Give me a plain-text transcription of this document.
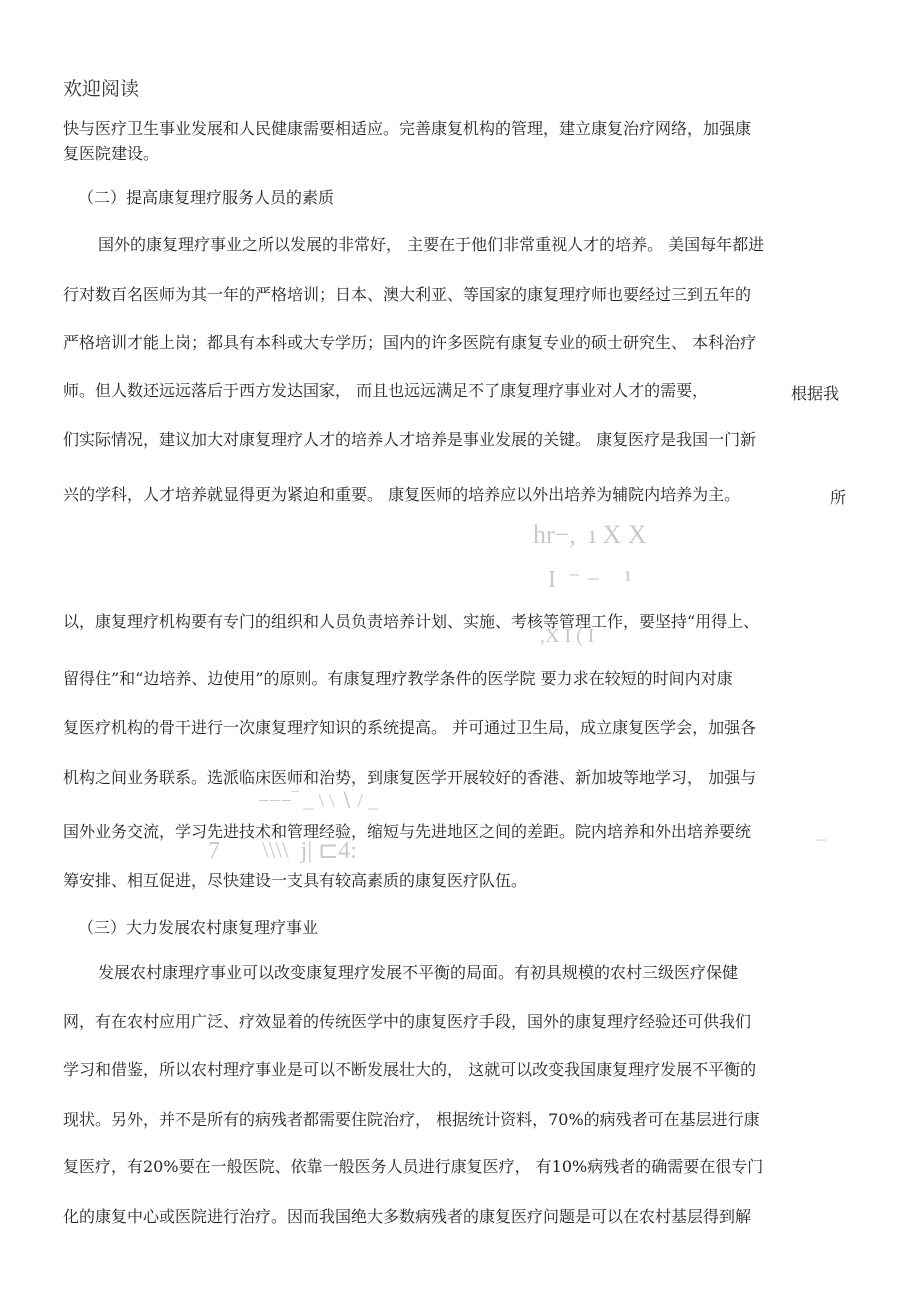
欢迎阅读
快与医疗卫生事业发展和人民健康需要相适应。完善康复机构的管理，建立康复治疗网络，加强康
复医院建设。
（二）提高康复理疗服务人员的素质
国外的康复理疗事业之所以发展的非常好， 主要在于他们非常重视人才的培养。 美国每年都进
行对数百名医师为其一年的严格培训；日本、澳大利亚、等国家的康复理疗师也要经过三到五年的
严格培训才能上岗；都具有本科或大专学历；国内的许多医院有康复专业的硕士研究生、 本科治疗
师。但人数还远远落后于西方发达国家， 而且也远远满足不了康复理疗事业对人才的需要，	根据我
们实际情况，建议加大对康复理疗人才的培养人才培养是事业发展的关键。 康复医疗是我国一门新
兴的学科，人才培养就显得更为紧迫和重要。 康复医师的培养应以外出培养为辅院内培养为主。	所
hr−,  ı X X
I  ⁻ −    ¹
以，康复理疗机构要有专门的组织和人员负责培养计划、实施、考核等管理工作，要坚持“用得上、
,X I ( I
留得住”和“边培养、边使用”的原则。有康复理疗教学条件的医学院 要力求在较短的时间内对康
复医疗机构的骨干进行一次康复理疗知识的系统提高。 并可通过卫生局，成立康复医学会，加强各
机构之间业务联系。选派临床医师和治势，到康复医学开展较好的香港、新加坡等地学习， 加强与
−−−‾ _ \ \ ∖ / _
国外业务交流，学习先进技术和管理经验，缩短与先进地区之间的差距。院内培养和外出培养要统	_
7       \\\\  j| ⊏4:
筹安排、相互促进，尽快建设一支具有较高素质的康复医疗队伍。
（三）大力发展农村康复理疗事业
发展农村康理疗事业可以改变康复理疗发展不平衡的局面。有初具规模的农村三级医疗保健
网，有在农村应用广泛、疗效显着的传统医学中的康复医疗手段，国外的康复理疗经验还可供我们
学习和借鉴，所以农村理疗事业是可以不断发展壮大的， 这就可以改变我国康复理疗发展不平衡的
现状。另外，并不是所有的病残者都需要住院治疗， 根据统计资料，70%的病残者可在基层进行康
复医疗，有20%要在一般医院、依靠一般医务人员进行康复医疗， 有10%病残者的确需要在很专门
化的康复中心或医院进行治疗。因而我国绝大多数病残者的康复医疗问题是可以在农村基层得到解
